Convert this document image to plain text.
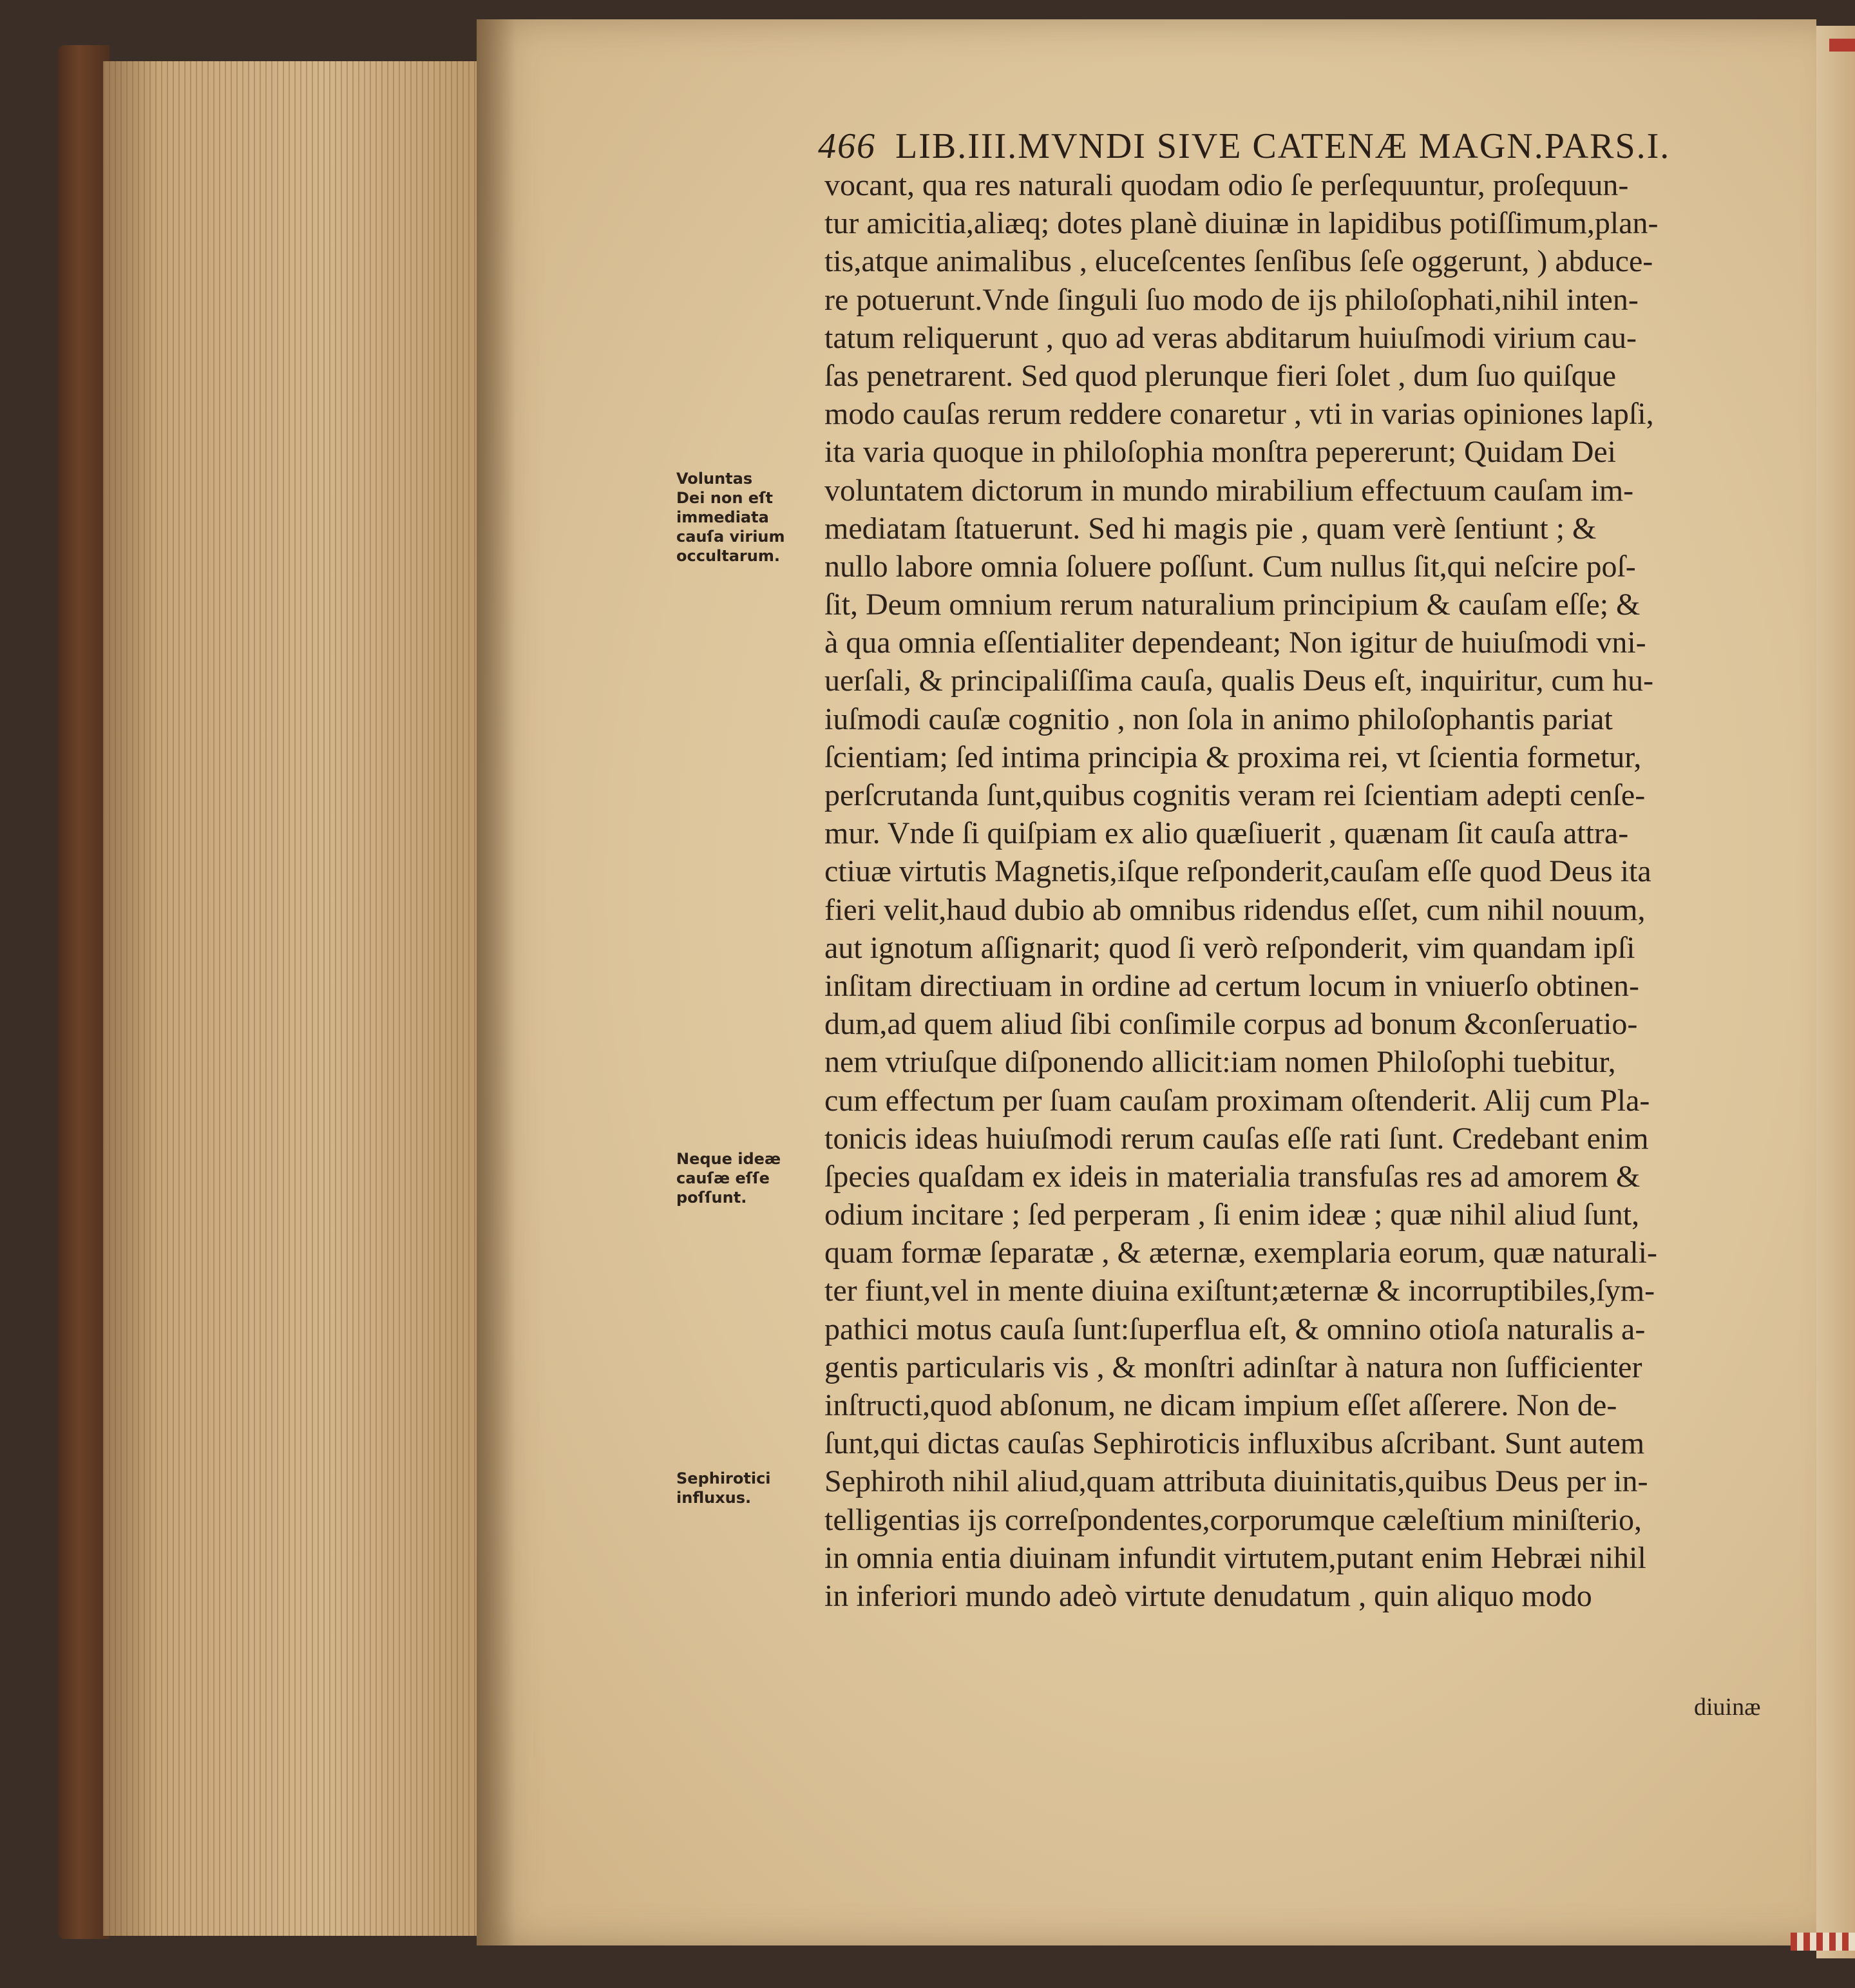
466 LIB.III.MVNDI SIVE CATENÆ MAGN.PARS.I.
Voluntas
Dei non eſt
immediata
cauſa virium
occultarum.
Neque ideæ
cauſæ eſſe
poſſunt.
Sephirotici
influxus.
vocant, qua res naturali quodam odio ſe perſequuntur, proſequun-
tur amicitia,aliæq; dotes planè diuinæ in lapidibus potiſſimum,plan-
tis,atque animalibus , eluceſcentes ſenſibus ſeſe oggerunt, ) abduce-
re potuerunt.Vnde ſinguli ſuo modo de ijs philoſophati,nihil inten-
tatum reliquerunt , quo ad veras abditarum huiuſmodi virium cau-
ſas penetrarent. Sed quod plerunque fieri ſolet , dum ſuo quiſque
modo cauſas rerum reddere conaretur , vti in varias opiniones lapſi,
ita varia quoque in philoſophia monſtra pepererunt; Quidam Dei
voluntatem dictorum in mundo mirabilium effectuum cauſam im-
mediatam ſtatuerunt. Sed hi magis pie , quam verè ſentiunt ; &
nullo labore omnia ſoluere poſſunt. Cum nullus ſit,qui neſcire poſ-
ſit, Deum omnium rerum naturalium principium & cauſam eſſe; &
à qua omnia eſſentialiter dependeant; Non igitur de huiuſmodi vni-
uerſali, & principaliſſima cauſa, qualis Deus eſt, inquiritur, cum hu-
iuſmodi cauſæ cognitio , non ſola in animo philoſophantis pariat
ſcientiam; ſed intima principia & proxima rei, vt ſcientia formetur,
perſcrutanda ſunt,quibus cognitis veram rei ſcientiam adepti cenſe-
mur. Vnde ſi quiſpiam ex alio quæſiuerit , quænam ſit cauſa attra-
ctiuæ virtutis Magnetis,iſque reſponderit,cauſam eſſe quod Deus ita
fieri velit,haud dubio ab omnibus ridendus eſſet, cum nihil nouum,
aut ignotum aſſignarit; quod ſi verò reſponderit, vim quandam ipſi
inſitam directiuam in ordine ad certum locum in vniuerſo obtinen-
dum,ad quem aliud ſibi conſimile corpus ad bonum &conſeruatio-
nem vtriuſque diſponendo allicit:iam nomen Philoſophi tuebitur,
cum effectum per ſuam cauſam proximam oſtenderit. Alij cum Pla-
tonicis ideas huiuſmodi rerum cauſas eſſe rati ſunt. Credebant enim
ſpecies quaſdam ex ideis in materialia transfuſas res ad amorem &
odium incitare ; ſed perperam , ſi enim ideæ ; quæ nihil aliud ſunt,
quam formæ ſeparatæ , & æternæ, exemplaria eorum, quæ naturali-
ter fiunt,vel in mente diuina exiſtunt;æternæ & incorruptibiles,ſym-
pathici motus cauſa ſunt:ſuperflua eſt, & omnino otioſa naturalis a-
gentis particularis vis , & monſtri adinſtar à natura non ſufficienter
inſtructi,quod abſonum, ne dicam impium eſſet aſſerere. Non de-
ſunt,qui dictas cauſas Sephiroticis influxibus aſcribant. Sunt autem
Sephiroth nihil aliud,quam attributa diuinitatis,quibus Deus per in-
telligentias ijs correſpondentes,corporumque cæleſtium miniſterio,
in omnia entia diuinam infundit virtutem,putant enim Hebræi nihil
in inferiori mundo adeò virtute denudatum , quin aliquo modo
diuinæ
